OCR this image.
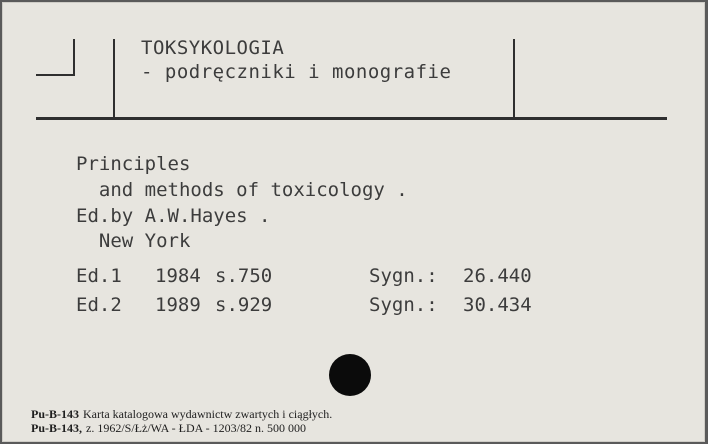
TOKSYKOLOGIA
- podręczniki i monografie
Principles
and methods of toxicology .
Ed.by A.W.Hayes .
New York
Ed.1 1984 s.750	Sygn.: 26.440
Ed.2 1989 s.929	Sygn.: 30.434
Pu-B-143 Karta katalogowa wydawnictw zwartych i ciągłych.
Pu-B-143, z. 1962/S/Łż/WA - ŁDA - 1203/82 n. 500 000
